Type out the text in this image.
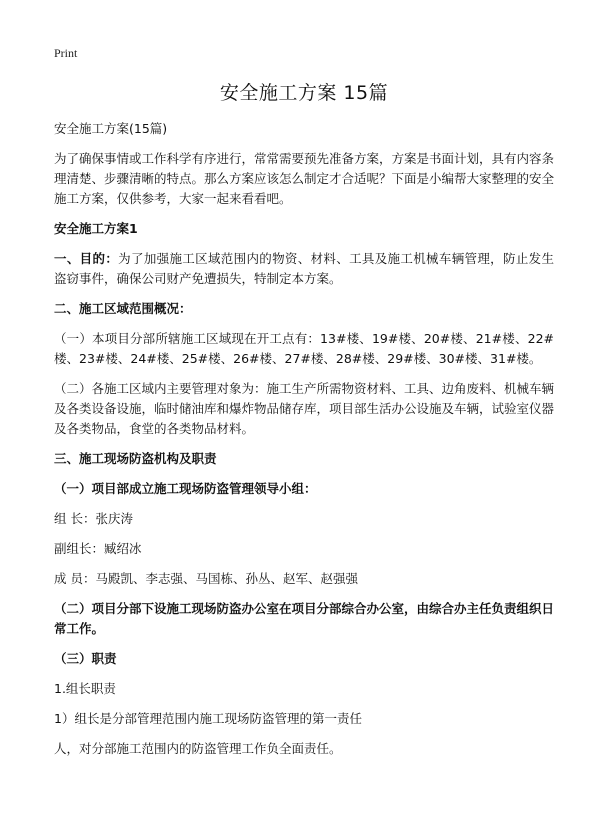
Print
安全施工方案 15篇
安全施工方案(15篇)
为了确保事情或工作科学有序进行，常常需要预先准备方案，方案是书面计划，具有内容条理清楚、步骤清晰的特点。那么方案应该怎么制定才合适呢？下面是小编帮大家整理的安全施工方案，仅供参考，大家一起来看看吧。
安全施工方案1
一、目的：为了加强施工区域范围内的物资、材料、工具及施工机械车辆管理，防止发生盗窃事件，确保公司财产免遭损失，特制定本方案。
二、施工区域范围概况：
（一）本项目分部所辖施工区域现在开工点有：13#楼、19#楼、20#楼、21#楼、22#楼、23#楼、24#楼、25#楼、26#楼、27#楼、28#楼、29#楼、30#楼、31#楼。
（二）各施工区域内主要管理对象为：施工生产所需物资材料、工具、边角废料、机械车辆及各类设备设施，临时储油库和爆炸物品储存库，项目部生活办公设施及车辆，试验室仪器及各类物品，食堂的各类物品材料。
三、施工现场防盗机构及职责
（一）项目部成立施工现场防盗管理领导小组：
组 长：张庆涛
副组长：臧绍冰
成 员：马殿凯、李志强、马国栋、孙丛、赵军、赵强强
（二）项目分部下设施工现场防盗办公室在项目分部综合办公室，由综合办主任负责组织日常工作。
（三）职责
1.组长职责
1）组长是分部管理范围内施工现场防盗管理的第一责任
人，对分部施工范围内的防盗管理工作负全面责任。
